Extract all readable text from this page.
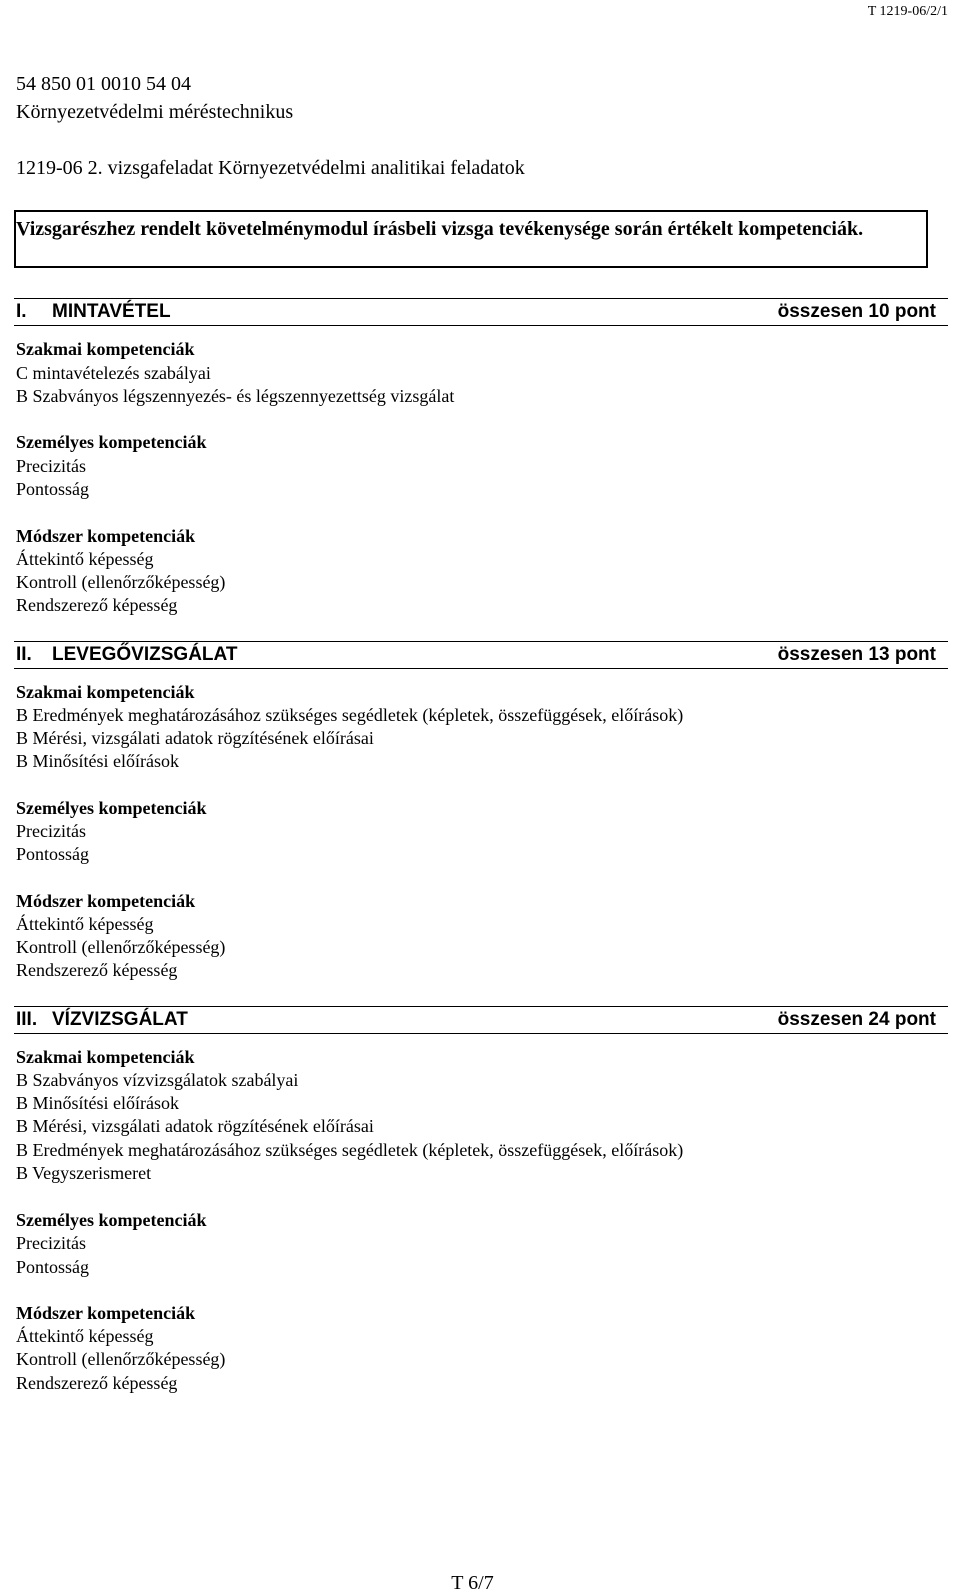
T 1219-06/2/1
54 850 01 0010 54 04
Környezetvédelmi méréstechnikus
1219-06 2. vizsgafeladat Környezetvédelmi analitikai feladatok
Vizsgarészhez rendelt követelménymodul írásbeli vizsga tevékenysége során értékelt kompetenciák.
I. MINTAVÉTEL	összesen 10 pont
Szakmai kompetenciák
C mintavételezés szabályai
B Szabványos légszennyezés- és légszennyezettség vizsgálat
Személyes kompetenciák
Precizitás
Pontosság
Módszer kompetenciák
Áttekintő képesség
Kontroll (ellenőrzőképesség)
Rendszerező képesség
II. LEVEGŐVIZSGÁLAT	összesen 13 pont
Szakmai kompetenciák
B Eredmények meghatározásához szükséges segédletek (képletek, összefüggések, előírások)
B Mérési, vizsgálati adatok rögzítésének előírásai
B Minősítési előírások
Személyes kompetenciák
Precizitás
Pontosság
Módszer kompetenciák
Áttekintő képesség
Kontroll (ellenőrzőképesség)
Rendszerező képesség
III. VÍZVIZSGÁLAT	összesen 24 pont
Szakmai kompetenciák
B Szabványos vízvizsgálatok szabályai
B Minősítési előírások
B Mérési, vizsgálati adatok rögzítésének előírásai
B Eredmények meghatározásához szükséges segédletek (képletek, összefüggések, előírások)
B Vegyszerismeret
Személyes kompetenciák
Precizitás
Pontosság
Módszer kompetenciák
Áttekintő képesség
Kontroll (ellenőrzőképesség)
Rendszerező képesség
T 6/7
